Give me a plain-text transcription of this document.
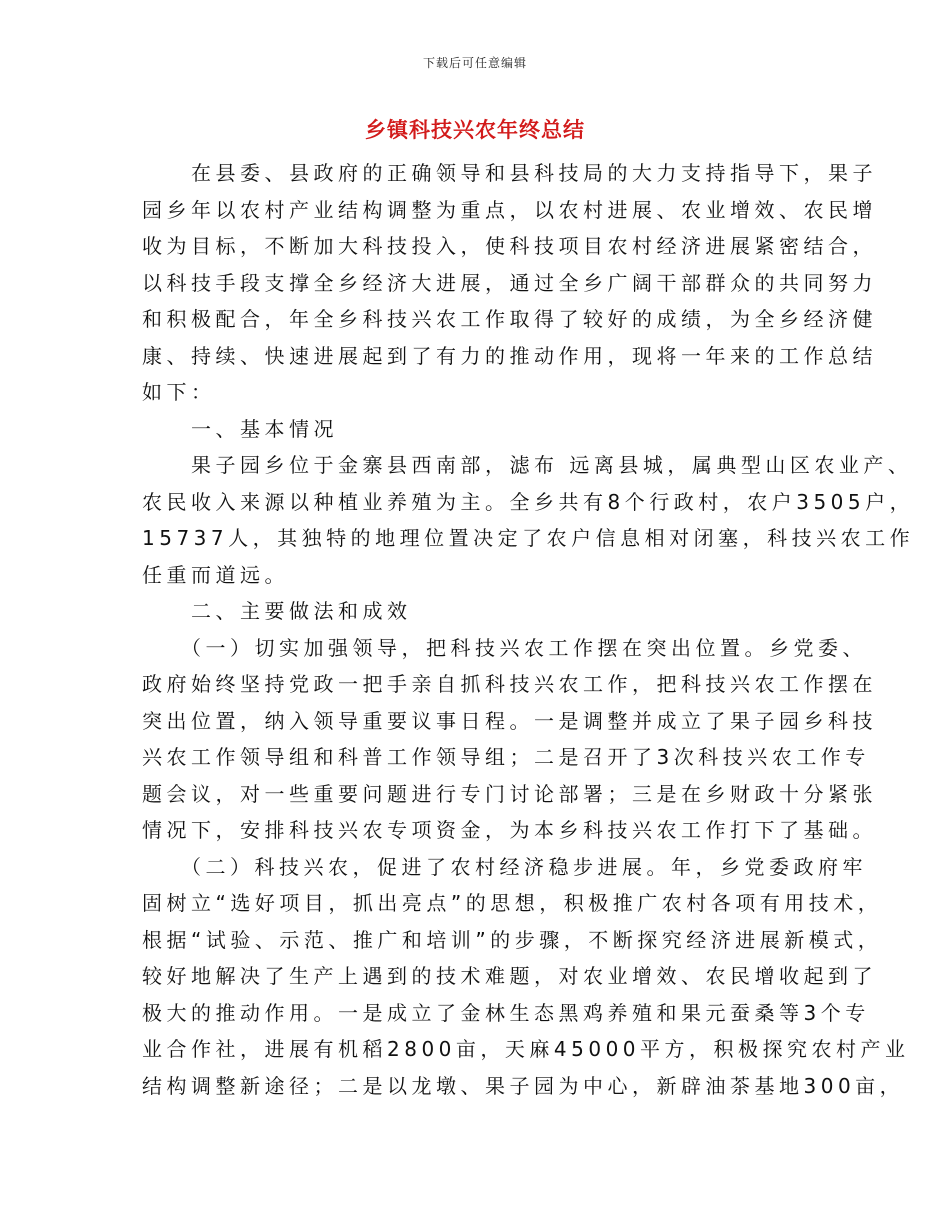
下载后可任意编辑
乡镇科技兴农年终总结
　　在县委、县政府的正确领导和县科技局的大力支持指导下，果子
园乡年以农村产业结构调整为重点，以农村进展、农业增效、农民增
收为目标，不断加大科技投入，使科技项目农村经济进展紧密结合，
以科技手段支撑全乡经济大进展，通过全乡广阔干部群众的共同努力
和积极配合，年全乡科技兴农工作取得了较好的成绩，为全乡经济健
康、持续、快速进展起到了有力的推动作用，现将一年来的工作总结
如下：
　　一、基本情况
　　果子园乡位于金寨县西南部，滤布 远离县城，属典型山区农业产、
农民收入来源以种植业养殖为主。全乡共有8个行政村，农户3505户，
15737人，其独特的地理位置决定了农户信息相对闭塞，科技兴农工作
任重而道远。
　　二、主要做法和成效
　　（一）切实加强领导，把科技兴农工作摆在突出位置。乡党委、
政府始终坚持党政一把手亲自抓科技兴农工作，把科技兴农工作摆在
突出位置，纳入领导重要议事日程。一是调整并成立了果子园乡科技
兴农工作领导组和科普工作领导组；二是召开了3次科技兴农工作专
题会议，对一些重要问题进行专门讨论部署；三是在乡财政十分紧张
情况下，安排科技兴农专项资金，为本乡科技兴农工作打下了基础。
　　（二）科技兴农，促进了农村经济稳步进展。年，乡党委政府牢
固树立“选好项目，抓出亮点”的思想，积极推广农村各项有用技术，
根据“试验、示范、推广和培训”的步骤，不断探究经济进展新模式，
较好地解决了生产上遇到的技术难题，对农业增效、农民增收起到了
极大的推动作用。一是成立了金林生态黑鸡养殖和果元蚕桑等3个专
业合作社，进展有机稻2800亩，天麻45000平方，积极探究农村产业
结构调整新途径；二是以龙墩、果子园为中心，新辟油茶基地300亩，
